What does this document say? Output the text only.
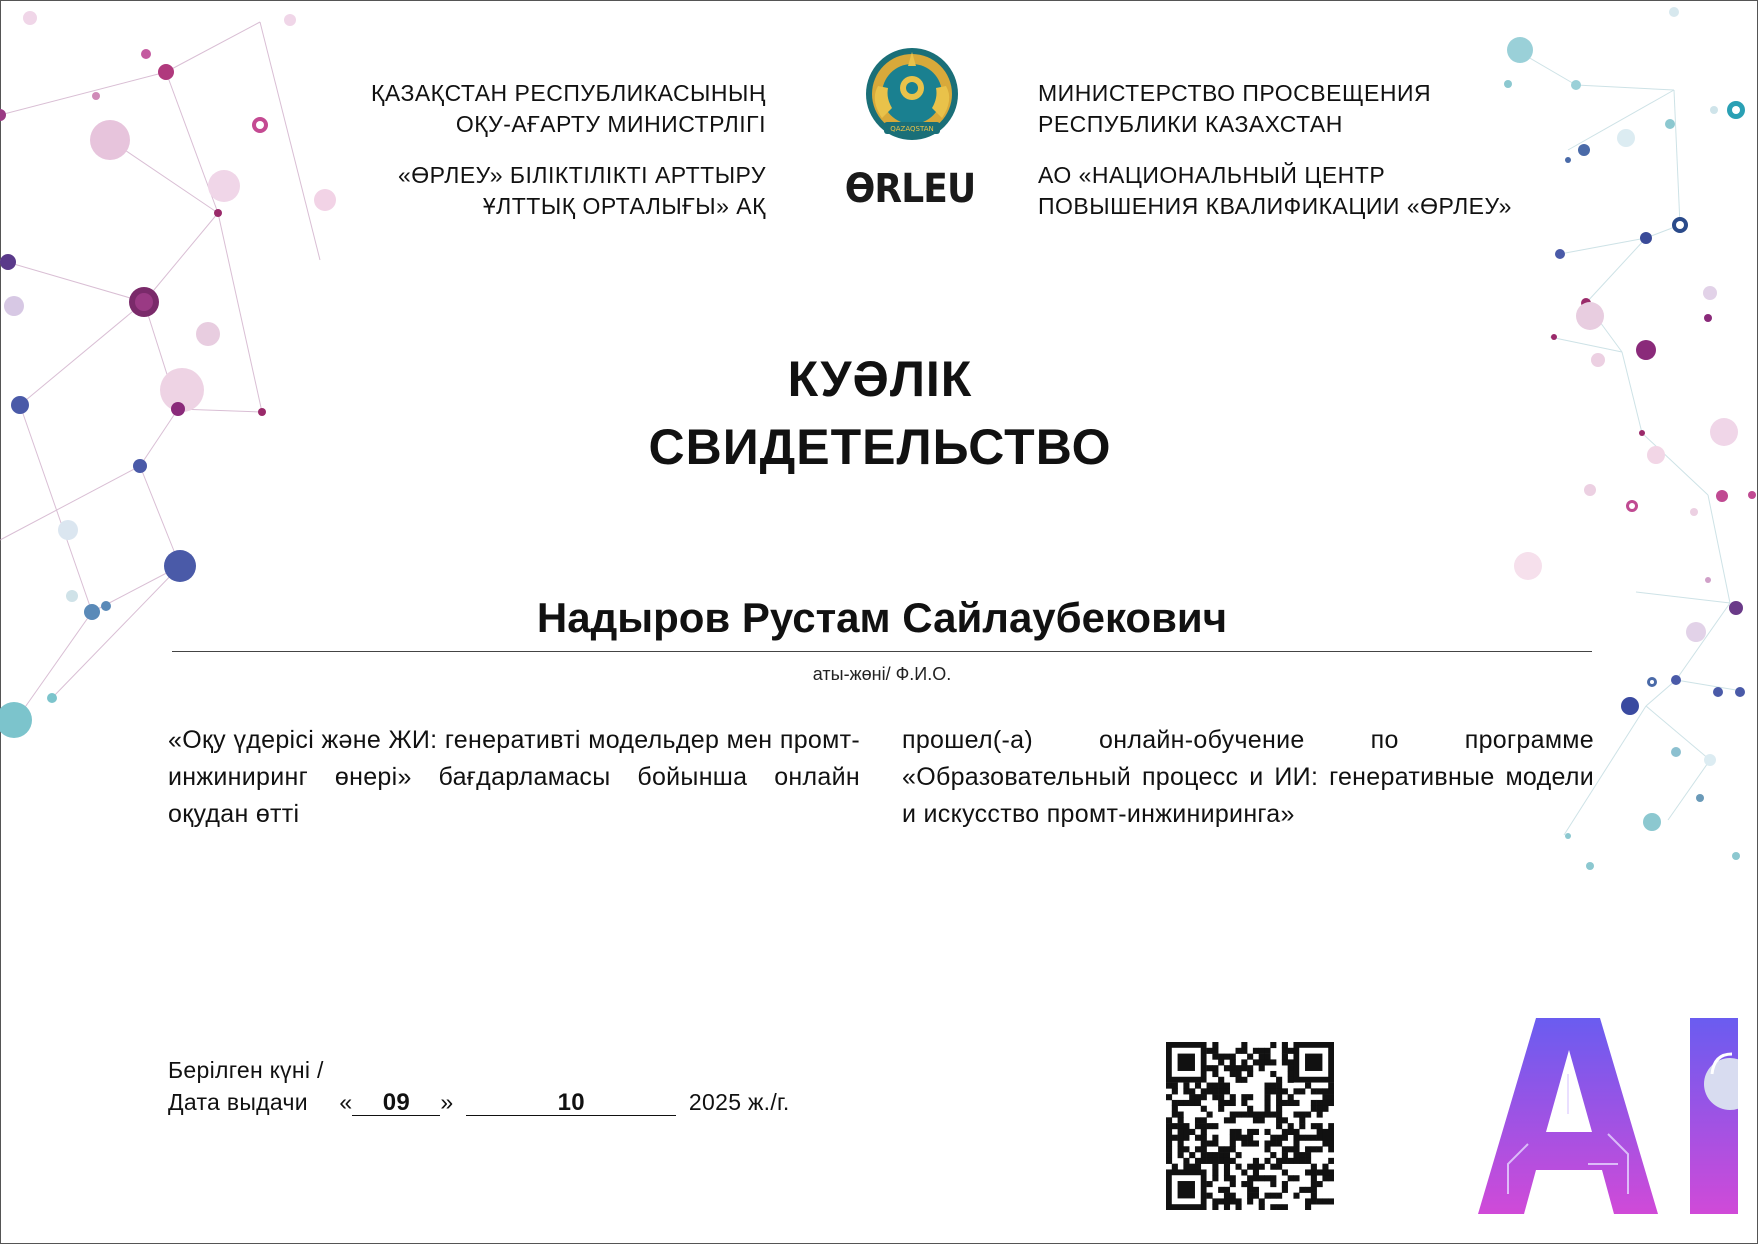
ҚАЗАҚСТАН РЕСПУБЛИКАСЫНЫҢ
ОҚУ-АҒАРТУ МИНИСТРЛІГІ
«ӨРЛЕУ» БІЛІКТІЛІКТІ АРТТЫРУ
ҰЛТТЫҚ ОРТАЛЫҒЫ» АҚ
QAZAQSTAN
ӨRLEU
МИНИСТЕРСТВО ПРОСВЕЩЕНИЯ
РЕСПУБЛИКИ КАЗАХСТАН
АО «НАЦИОНАЛЬНЫЙ ЦЕНТР
ПОВЫШЕНИЯ КВАЛИФИКАЦИИ «ӨРЛЕУ»
КУӘЛІК
СВИДЕТЕЛЬСТВО
Надыров Рустам Сайлаубекович
аты-жөні/ Ф.И.О.
«Оқу үдерісі және ЖИ: генеративті модельдер мен промт-инжиниринг өнері» бағдарламасы бойынша онлайн оқудан өтті
прошел(-а) онлайн-обучение по программе «Образовательный процесс и ИИ: генеративные модели и искусство промт-инжиниринга»
Берілген күні /
Дата выдачи « 09 »	10	2025 ж./г.
